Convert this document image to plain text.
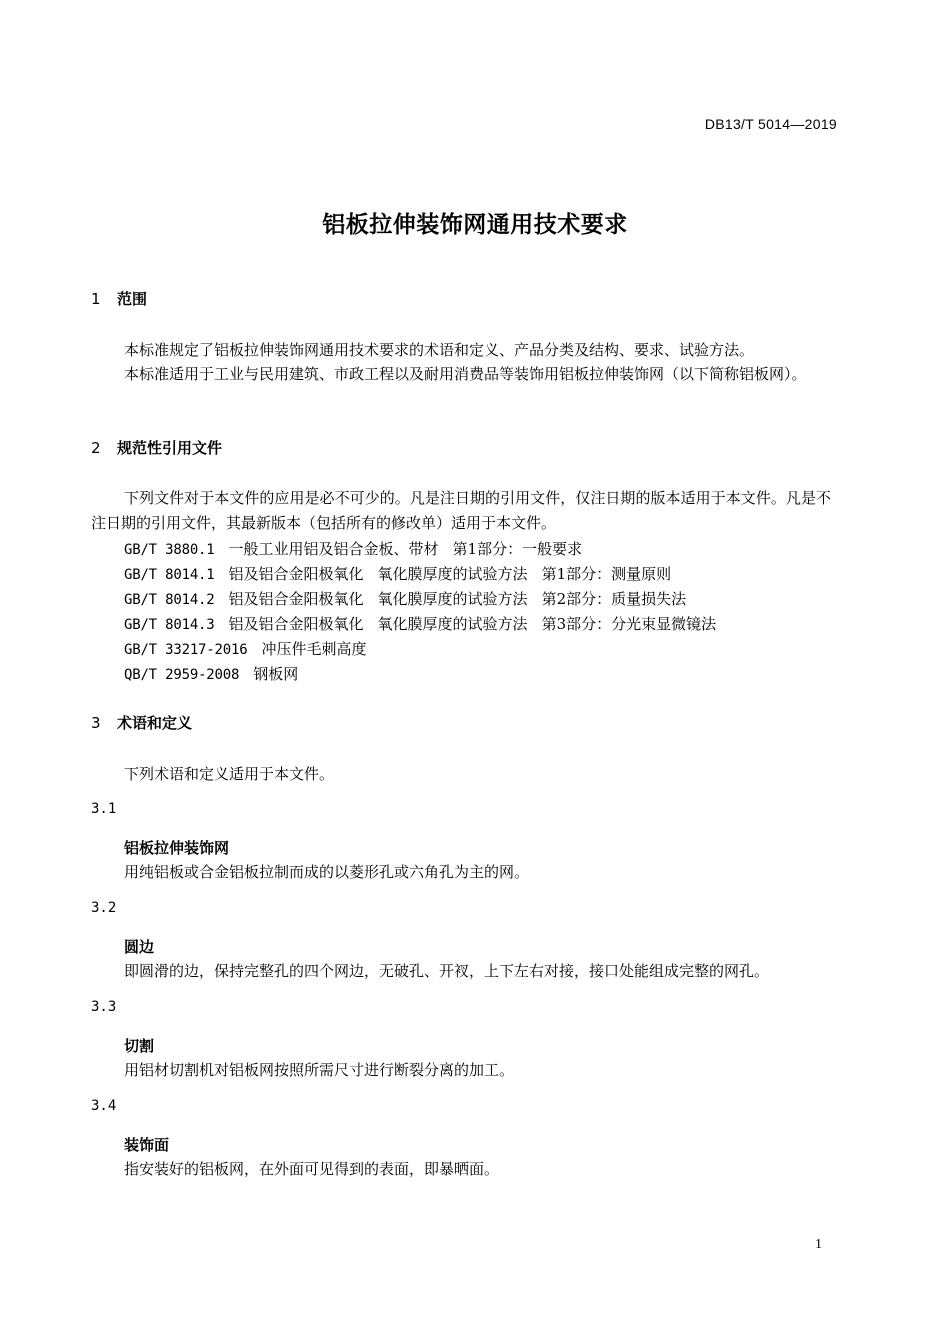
DB13/T 5014—2019
铝板拉伸装饰网通用技术要求
1 范围
本标准规定了铝板拉伸装饰网通用技术要求的术语和定义、产品分类及结构、要求、试验方法。
本标准适用于工业与民用建筑、市政工程以及耐用消费品等装饰用铝板拉伸装饰网（以下简称铝板网）。
2 规范性引用文件
下列文件对于本文件的应用是必不可少的。凡是注日期的引用文件，仅注日期的版本适用于本文件。凡是不注日期的引用文件，其最新版本（包括所有的修改单）适用于本文件。
GB/T 3880.1 一般工业用铝及铝合金板、带材 第1部分：一般要求
GB/T 8014.1 铝及铝合金阳极氧化 氧化膜厚度的试验方法 第1部分：测量原则
GB/T 8014.2 铝及铝合金阳极氧化 氧化膜厚度的试验方法 第2部分：质量损失法
GB/T 8014.3 铝及铝合金阳极氧化 氧化膜厚度的试验方法 第3部分：分光束显微镜法
GB/T 33217-2016 冲压件毛刺高度
QB/T 2959-2008 钢板网
3 术语和定义
下列术语和定义适用于本文件。
3.1
铝板拉伸装饰网
用纯铝板或合金铝板拉制而成的以菱形孔或六角孔为主的网。
3.2
圆边
即圆滑的边，保持完整孔的四个网边，无破孔、开衩，上下左右对接，接口处能组成完整的网孔。
3.3
切割
用铝材切割机对铝板网按照所需尺寸进行断裂分离的加工。
3.4
装饰面
指安装好的铝板网，在外面可见得到的表面，即暴晒面。
1
